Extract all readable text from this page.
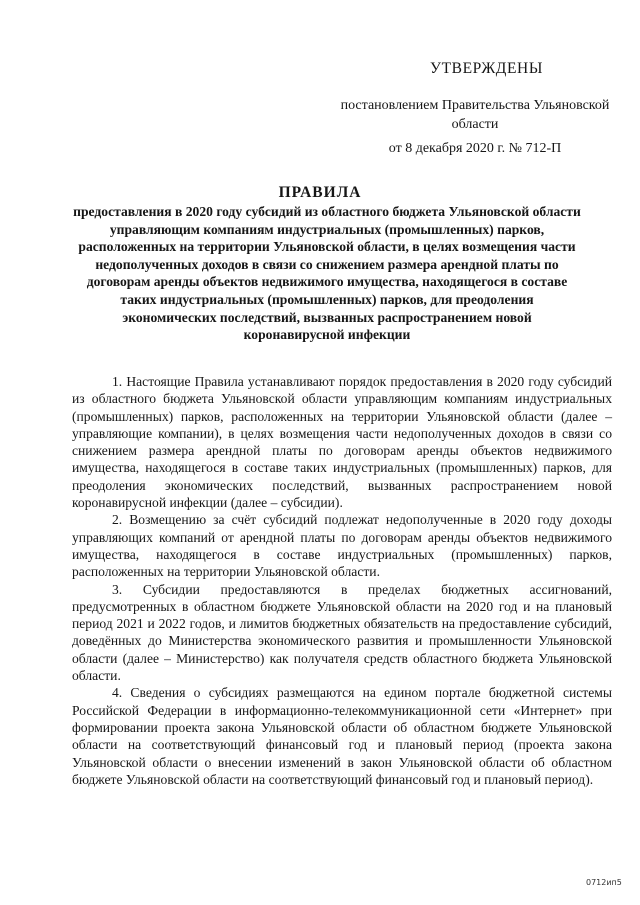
УТВЕРЖДЕНЫ
постановлением Правительства Ульяновской области
от 8 декабря 2020 г. № 712-П
ПРАВИЛА

предоставления в 2020 году субсидий из областного бюджета Ульяновской области управляющим компаниям индустриальных (промышленных) парков, расположенных на территории Ульяновской области, в целях возмещения части недополученных доходов в связи со снижением размера арендной платы по договорам аренды объектов недвижимого имущества, находящегося в составе таких индустриальных (промышленных) парков, для преодоления экономических последствий, вызванных распространением новой коронавирусной инфекции

1. Настоящие Правила устанавливают порядок предоставления в 2020 году субсидий из областного бюджета Ульяновской области управляющим компаниям индустриальных (промышленных) парков, расположенных на территории Ульяновской области (далее – управляющие компании), в целях возмещения части недополученных доходов в связи со снижением размера арендной платы по договорам аренды объектов недвижимого имущества, находящегося в составе таких индустриальных (промышленных) парков, для преодоления экономических последствий, вызванных распространением новой коронавирусной инфекции (далее – субсидии).

2. Возмещению за счёт субсидий подлежат недополученные в 2020 году доходы управляющих компаний от арендной платы по договорам аренды объектов недвижимого имущества, находящегося в составе индустриальных (промышленных) парков, расположенных на территории Ульяновской области.

3. Субсидии предоставляются в пределах бюджетных ассигнований, предусмотренных в областном бюджете Ульяновской области на 2020 год и на плановый период 2021 и 2022 годов, и лимитов бюджетных обязательств на предоставление субсидий, доведённых до Министерства экономического развития и промышленности Ульяновской области (далее – Министерство) как получателя средств областного бюджета Ульяновской области.

4. Сведения о субсидиях размещаются на едином портале бюджетной системы Российской Федерации в информационно-телекоммуникационной сети «Интернет» при формировании проекта закона Ульяновской области об областном бюджете Ульяновской области на соответствующий финансовый год и плановый период (проекта закона Ульяновской области о внесении изменений в закон Ульяновской области об областном бюджете Ульяновской области на соответствующий финансовый год и плановый период).

0712ип5
